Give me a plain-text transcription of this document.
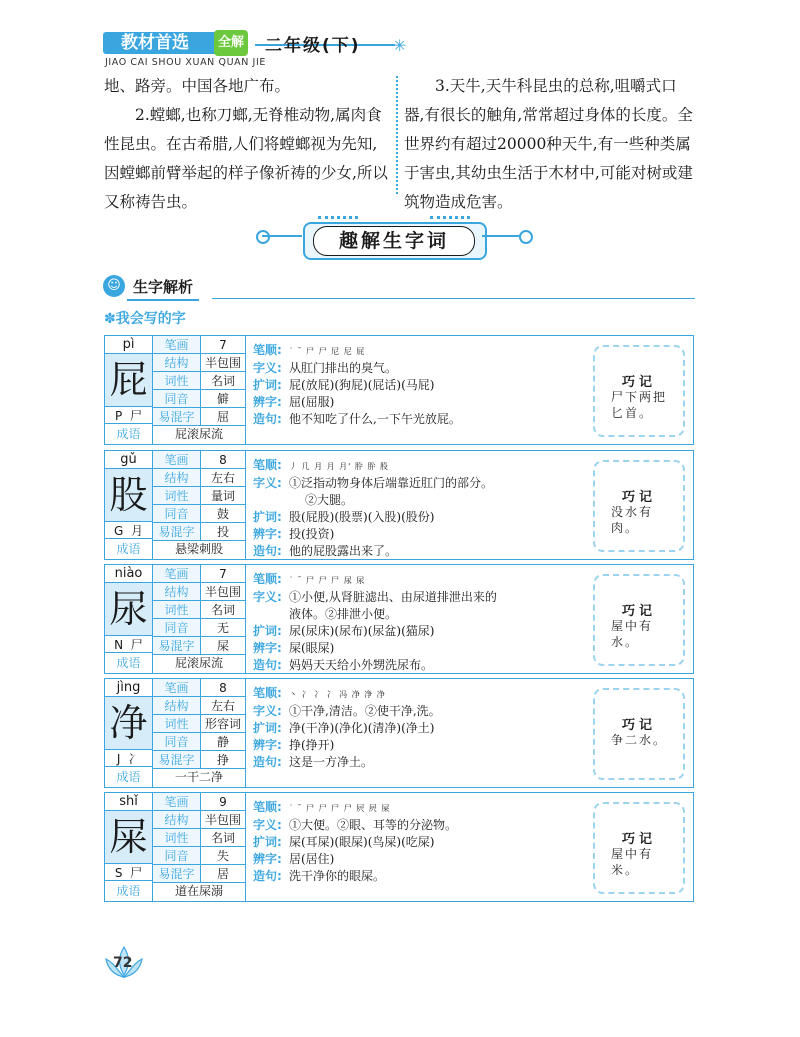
教材首选	全解 二年级(下) ✳
JIAO CAI SHOU XUAN QUAN JIE

地、路旁。中国各地广布。

2.螳螂,也称刀螂,无脊椎动物,属肉食性昆虫。在古希腊,人们将螳螂视为先知,因螳螂前臂举起的样子像祈祷的少女,所以又称祷告虫。

3.天牛,天牛科昆虫的总称,咀嚼式口器,有很长的触角,常常超过身体的长度。全世界约有超过20000种天牛,有一些种类属于害虫,其幼虫生活于木材中,可能对树或建筑物造成危害。

趣解生字词
☺ 生字解析
✽我会写的字
pì
屁
P 尸
笔画	7
结构	半包围
词性	名词
同音	僻
易混字	屈
成语	屁滚尿流
笔顺: ˙ ˉ 尸 尸 尼 尼 屁
字义: 从肛门排出的臭气。
扩词: 屁(放屁)(狗屁)(屁话)(马屁)
辨字: 屈(屈服)
造句: 他不知吃了什么,一下午光放屁。
巧记
尸下两把匕首。
gǔ
股
G 月
笔画	8
结构	左右
词性	量词
同音	鼓
易混字	投
成语	悬梁刺股
笔顺: 丿 几 月 月 月' 肸 肸 股
字义: ①泛指动物身体后端靠近肛门的部分。
②大腿。
扩词: 股(屁股)(股票)(入股)(股份)
辨字: 投(投资)
造句: 他的屁股露出来了。
巧记
没水有肉。
niào
尿
N 尸
笔画	7
结构	半包围
词性	名词
同音	无
易混字	屎
成语	屁滚尿流
笔顺: ˙ ˉ 尸 尸 尸 尿 尿
字义: ①小便,从肾脏滤出、由尿道排泄出来的
液体。②排泄小便。
扩词: 尿(尿床)(尿布)(尿盆)(猫尿)
辨字: 屎(眼屎)
造句: 妈妈天天给小外甥洗尿布。
巧记
屋中有水。
jìng
净
J 冫
笔画	8
结构	左右
词性	形容词
同音	静
易混字	挣
成语	一干二净
笔顺: 丶 冫 冫 冫 冯 净 净 净
字义: ①干净,清洁。②使干净,洗。
扩词: 净(干净)(净化)(清净)(净土)
辨字: 挣(挣开)
造句: 这是一方净土。
巧记
争二水。
shǐ
屎
S 尸
笔画	9
结构	半包围
词性	名词
同音	失
易混字	居
成语	道在屎溺
笔顺: ˙ ˉ 尸 尸 尸 尸 屄 屄 屎
字义: ①大便。②眼、耳等的分泌物。
扩词: 屎(耳屎)(眼屎)(鸟屎)(吃屎)
辨字: 居(居住)
造句: 洗干净你的眼屎。
巧记
屋中有米。
72
